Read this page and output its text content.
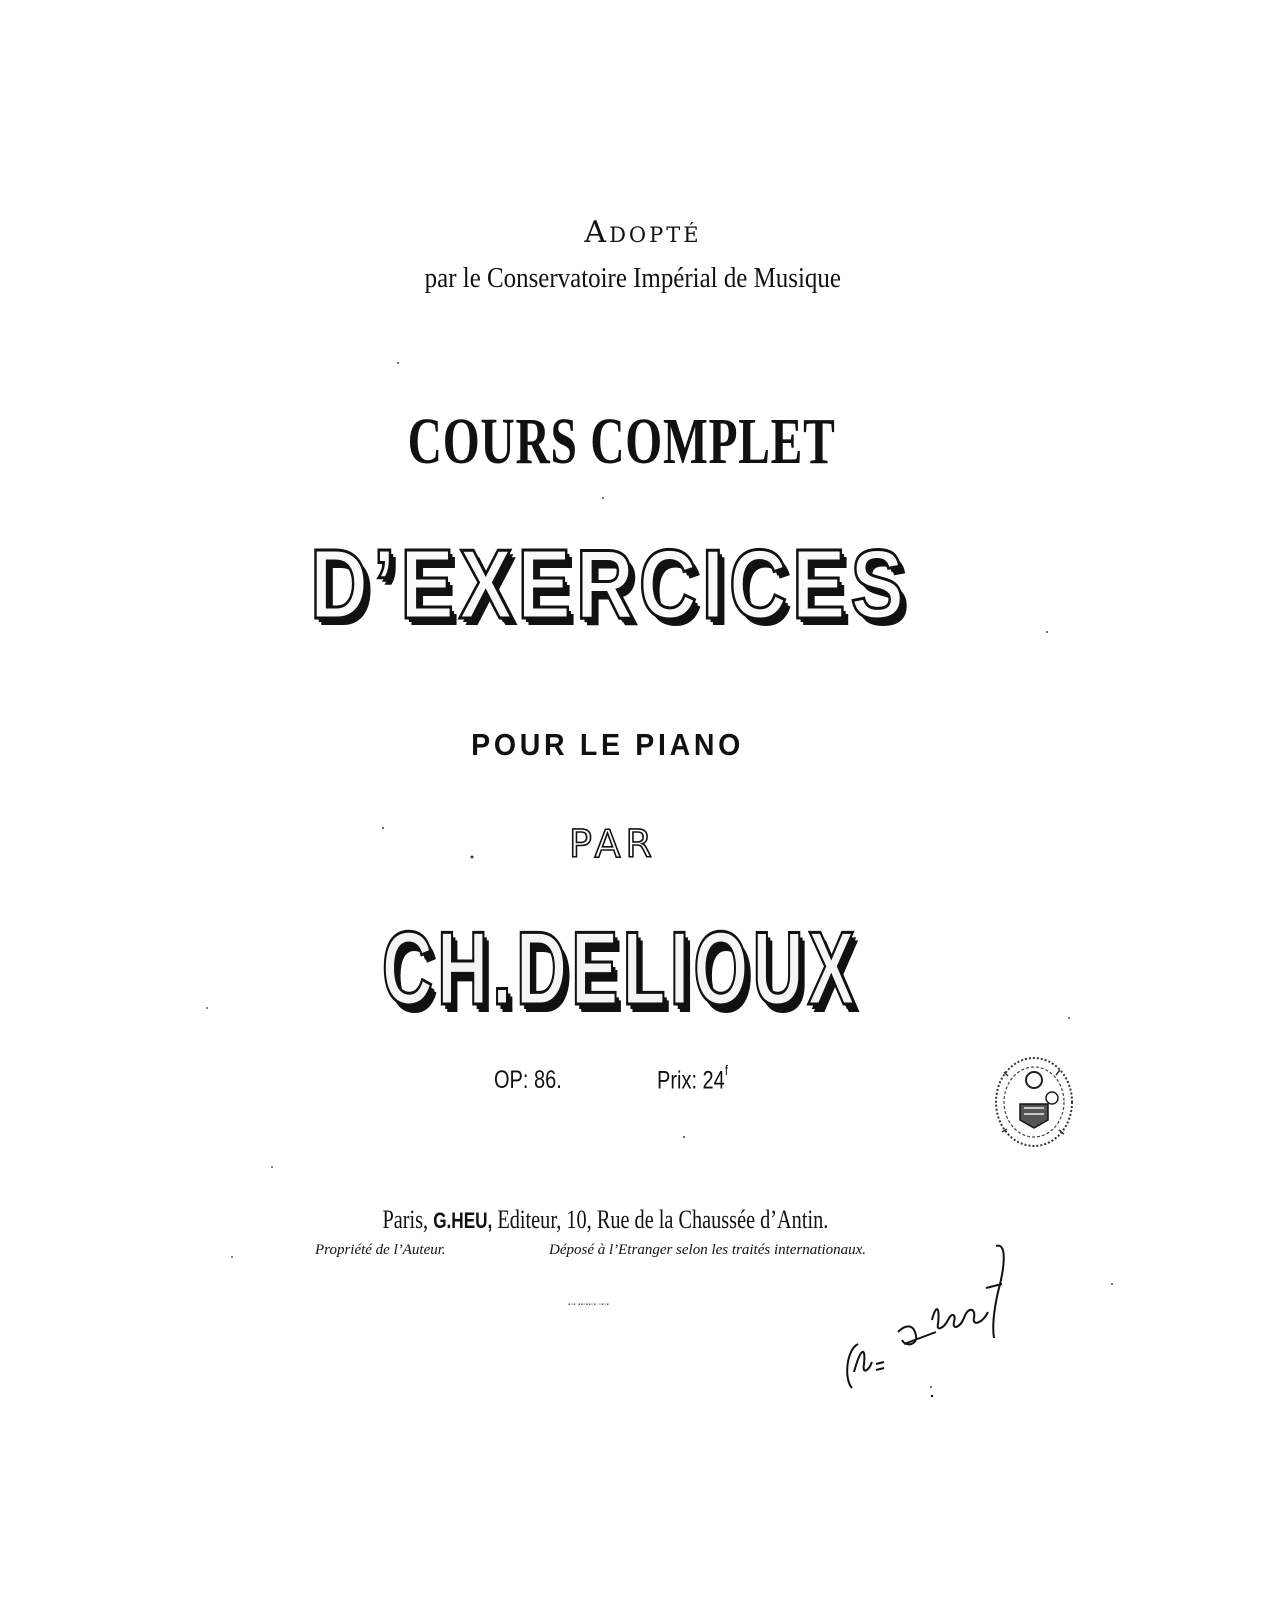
Adopté
par le Conservatoire Impérial de Musique
COURS COMPLET
D’EXERCICES
POUR LE PIANO
PAR
CH.DELIOUX
OP: 86.	Prix: 24$^f$
Paris, G.HEU, Editeur, 10, Rue de la Chaussée d’Antin.
Propriété de l’Auteur.	Déposé à l’Etranger selon les traités internationaux.
▪▫▪ ▪▪▫▪▪▫▪ ▫▪▫▪
